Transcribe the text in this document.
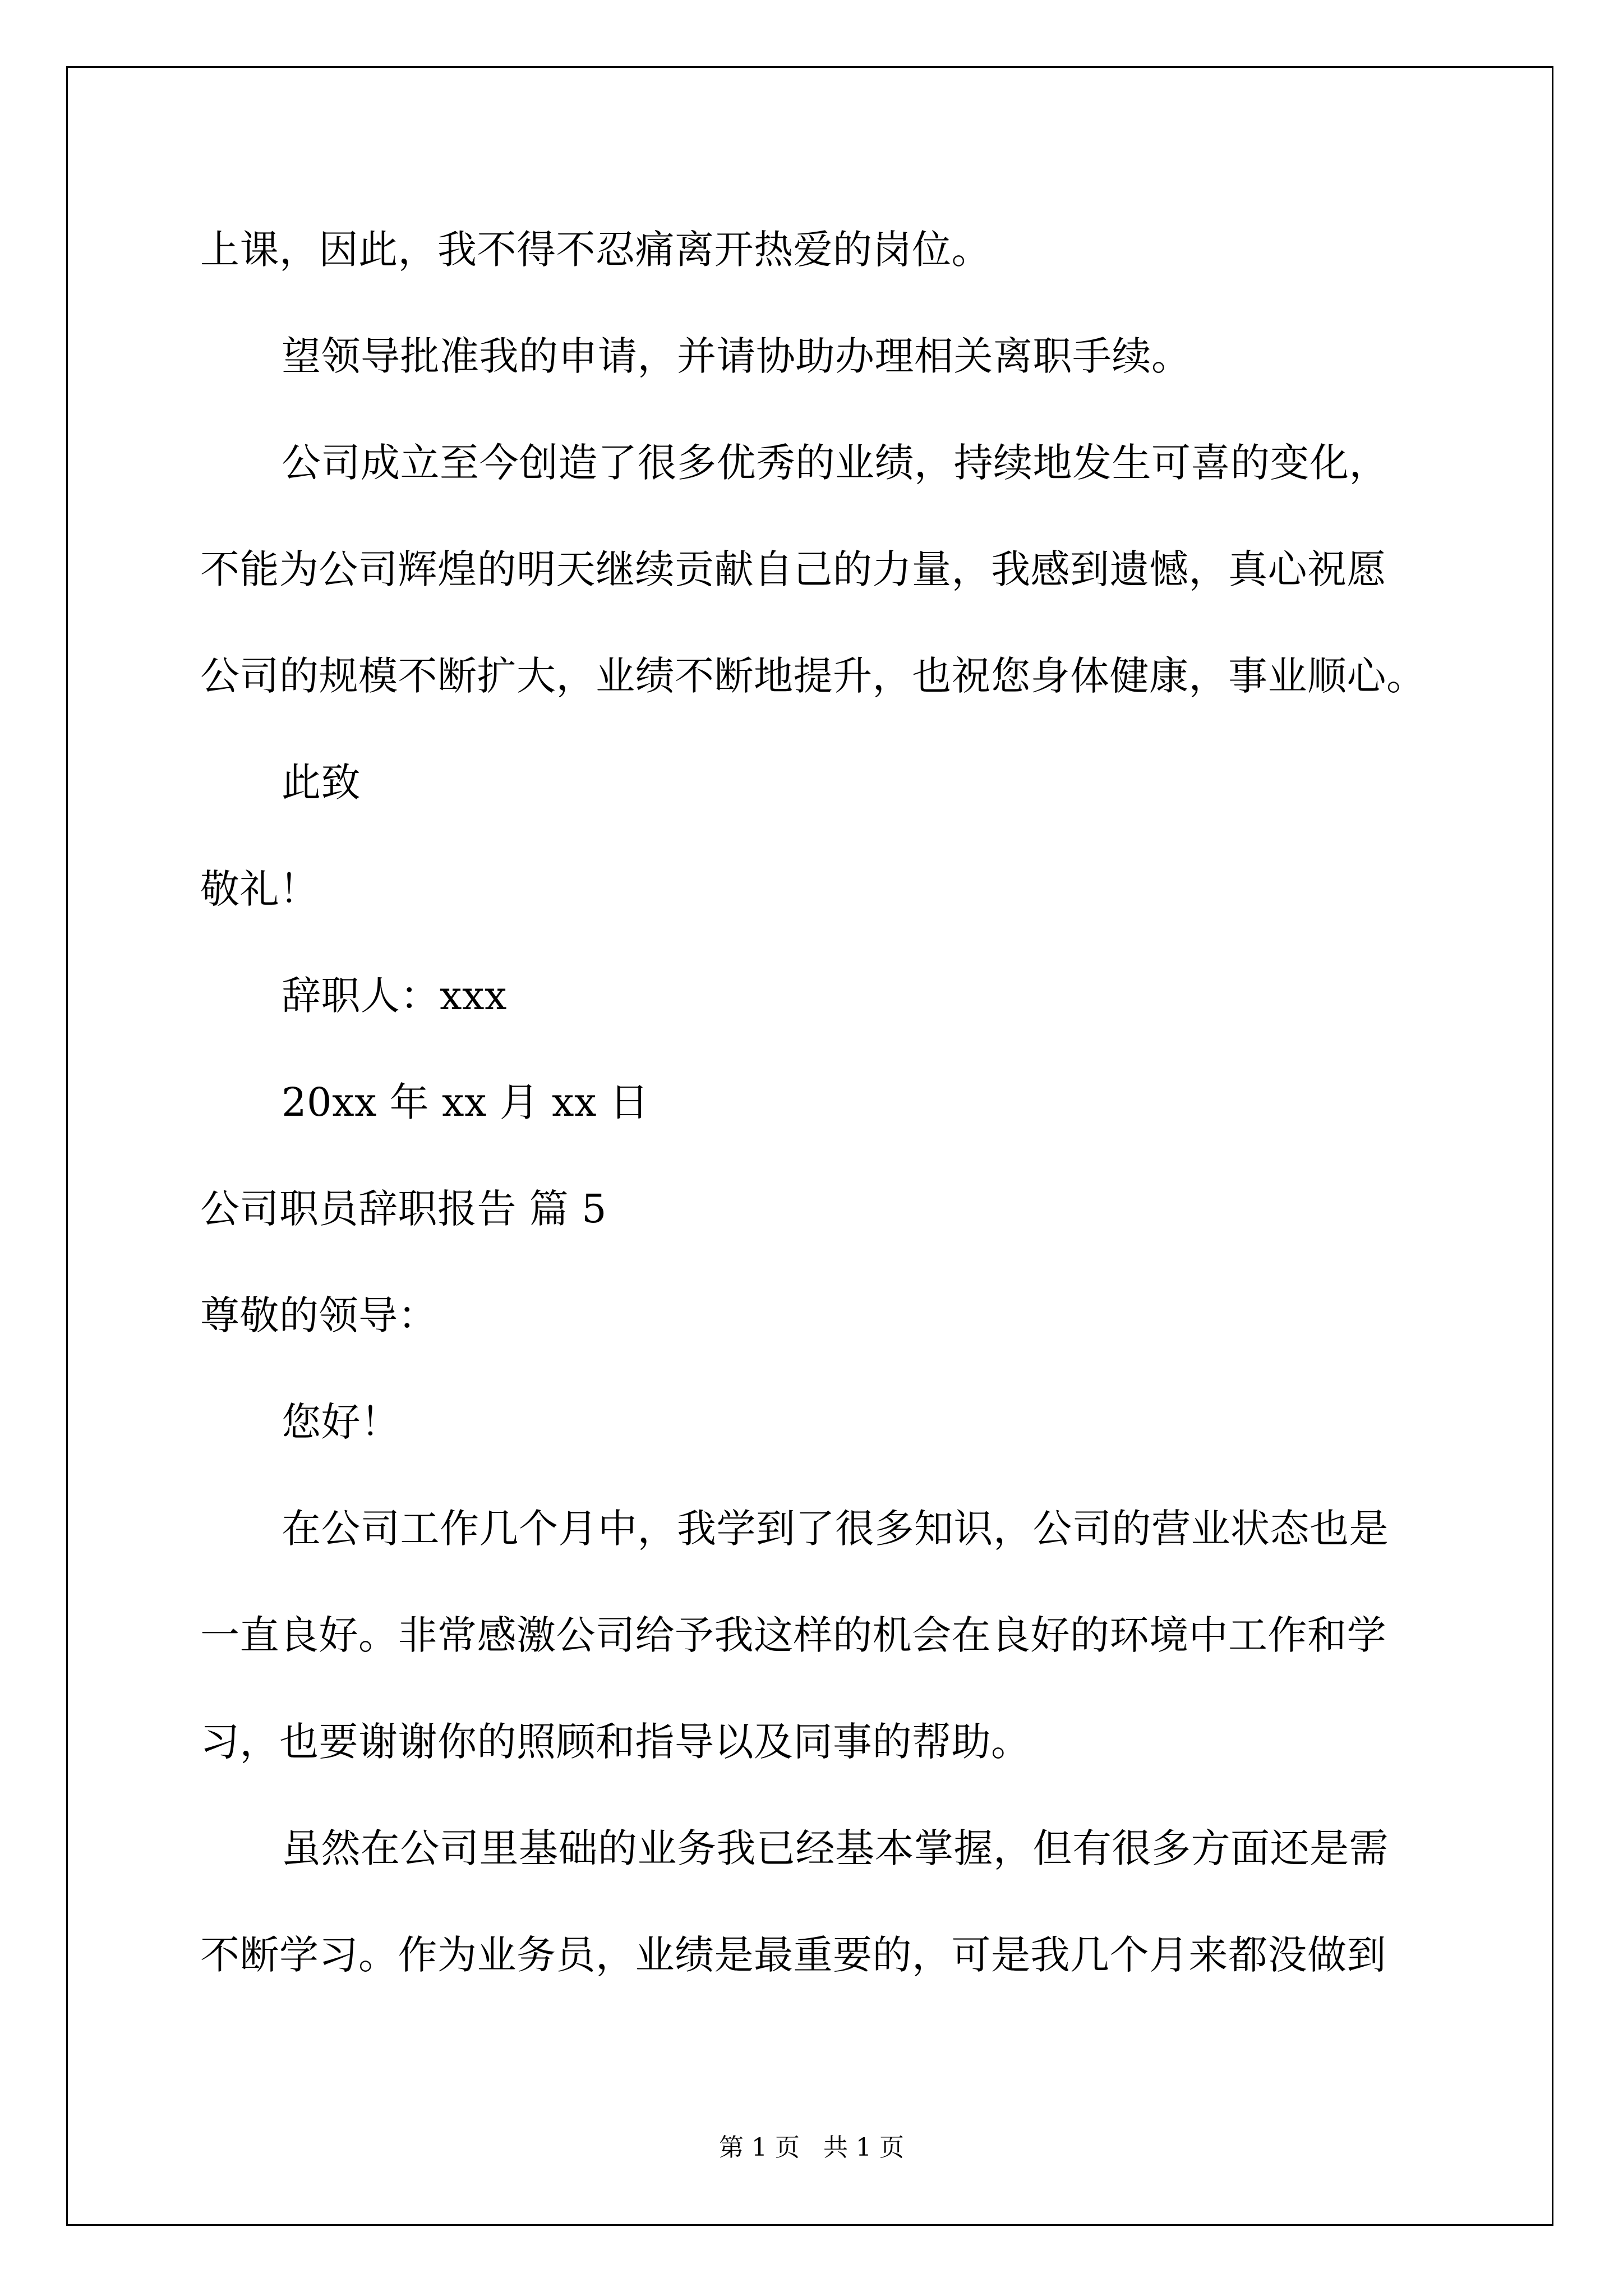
上课，因此，我不得不忍痛离开热爱的岗位。
望领导批准我的申请，并请协助办理相关离职手续。
公司成立至今创造了很多优秀的业绩，持续地发生可喜的变化，
不能为公司辉煌的明天继续贡献自己的力量，我感到遗憾，真心祝愿
公司的规模不断扩大，业绩不断地提升，也祝您身体健康，事业顺心。
此致
敬礼！
辞职人：xxx
20xx 年 xx 月 xx 日
公司职员辞职报告 篇 5
尊敬的领导：
您好！
在公司工作几个月中，我学到了很多知识，公司的营业状态也是
一直良好。非常感激公司给予我这样的机会在良好的环境中工作和学
习，也要谢谢你的照顾和指导以及同事的帮助。
虽然在公司里基础的业务我已经基本掌握，但有很多方面还是需
不断学习。作为业务员，业绩是最重要的，可是我几个月来都没做到
第 1 页   共 1 页
